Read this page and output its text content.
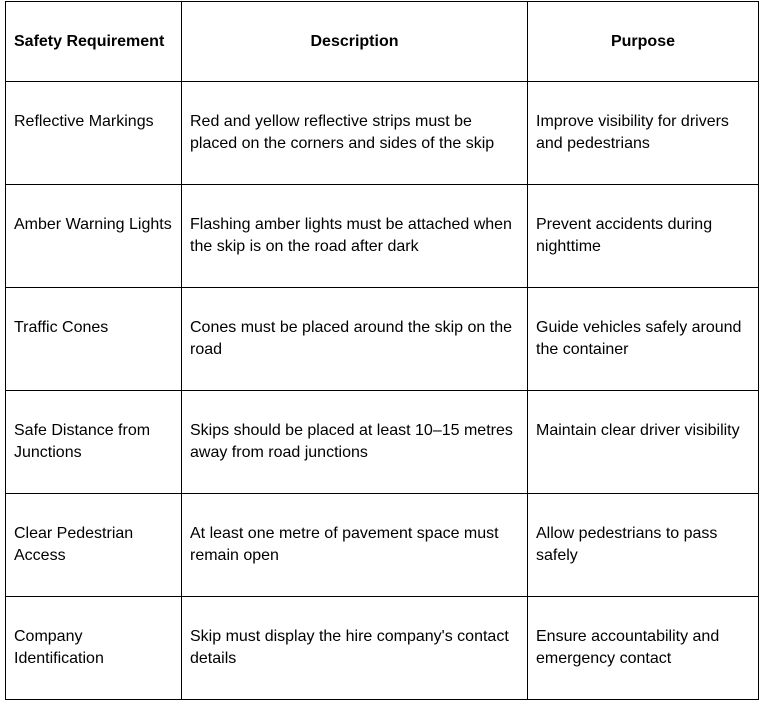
Safety Requirement	Description	Purpose
Reflective Markings	Red and yellow reflective strips must be placed on the corners and sides of the skip	Improve visibility for drivers and pedestrians
Amber Warning Lights	Flashing amber lights must be attached when the skip is on the road after dark	Prevent accidents during nighttime
Traffic Cones	Cones must be placed around the skip on the road	Guide vehicles safely around the container
Safe Distance from Junctions	Skips should be placed at least 10–15 metres away from road junctions	Maintain clear driver visibility
Clear Pedestrian Access	At least one metre of pavement space must remain open	Allow pedestrians to pass safely
Company Identification	Skip must display the hire company's contact details	Ensure accountability and emergency contact
